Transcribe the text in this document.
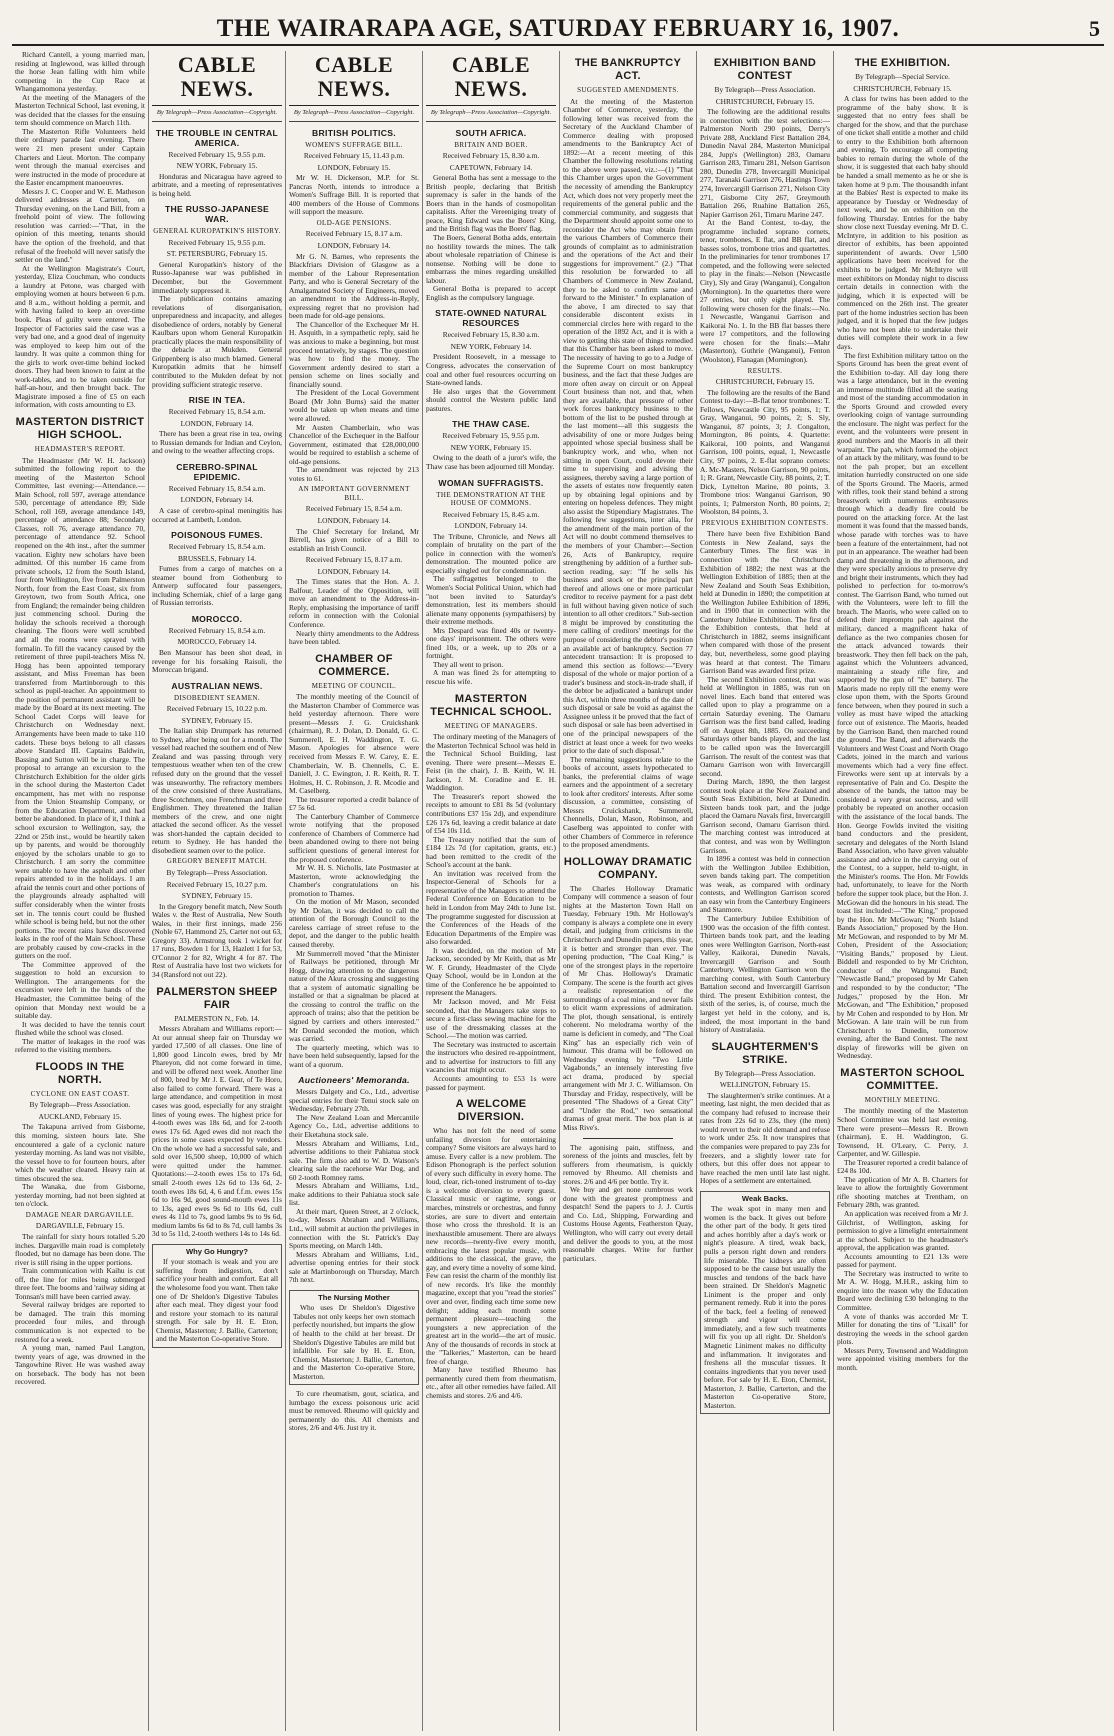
THE WAIRARAPA AGE, SATURDAY FEBRUARY 16, 1907.	5

Richard Cantell, a young married man, residing at Inglewood, was killed through the horse Jean falling with him while competing in the Cup Race at Whangamomona yesterday.

At the meeting of the Managers of the Masterton Technical School, last evening, it was decided that the classes for the ensuing term should commence on March 11th.

The Masterton Rifle Volunteers held their ordinary parade last evening. There were 21 men present under Captain Charters and Lieut. Morton. The company went through the manual exercises and were instructed in the mode of procedure at the Easter encampment manoeuvres.

Messrs J. C. Cooper and W. E. Matheson delivered addresses at Carterton, on Thursday evening, on the Land Bill, from a freehold point of view. The following resolution was carried:—"That, in the opinion of this meeting, tenants should have the option of the freehold, and that refusal of the freehold will never satisfy the settler on the land."

At the Wellington Magistrate's Court, yesterday, Eliza Couchman, who conducts a laundry at Petone, was charged with employing women at hours between 6 p.m. and 8 a.m., without holding a permit, and with having failed to keep an over-time book. Pleas of guilty were entered. The Inspector of Factories said the case was a very bad one, and a good deal of ingenuity was employed to keep him out of the laundry. It was quite a common thing for the girls to work over-time behind locked doors. They had been known to faint at the work-tables, and to be taken outside for half-an-hour, and then brought back. The Magistrate imposed a fine of £5 on each information, with costs amounting to £3.

MASTERTON DISTRICT HIGH SCHOOL.
HEADMASTER'S REPORT.

The Headmaster (Mr W. H. Jackson) submitted the following report to the meeting of the Masterton School Committee, last evening:—Attendance.—Main School, roll 597, average attendance 530, percentage of attendance 89; Side School, roll 169, average attendance 149, percentage of attendance 88; Secondary Classes, roll 76, average attendance 70, percentage of attendance 92. School reopened on the 4th inst., after the summer vacation. Eighty new scholars have been admitted. Of this number 16 came from private schools, 12 from the South Island, four from Wellington, five from Palmerston North, four from the East Coast, six from Greytown, two from South Africa, one from England; the remainder being children just commencing school. During the holiday the schools received a thorough cleaning. The floors were well scrubbed and all the rooms were sprayed with formalin. To fill the vacancy caused by the retirement of three pupil-teachers Miss N. Hogg has been appointed temporary assistant, and Miss Freeman has been transferred from Martinborough to this school as pupil-teacher. An appointment to the position of permanent assistant will be made by the Board at its next meeting. The School Cadet Corps will leave for Christchurch on Wednesday next. Arrangements have been made to take 110 cadets. These boys belong to all classes above Standard III. Captains Baldwin, Bassing and Sutton will be in charge. The proposal to arrange an excursion to the Christchurch Exhibition for the older girls in the school during the Masterton Cadet encampment, has met with no response from the Union Steamship Company, or from the Education Department, and had better be abandoned. In place of it, I think a school excursion to Wellington, say, the 22nd or 25th inst., would be heartily taken up by parents, and would be thoroughly enjoyed by the scholars unable to go to Christchurch. I am sorry the committee were unable to have the asphalt and other repairs attended to in the holidays. I am afraid the tennis court and other portions of the playgrounds already asphalted will suffer considerably when the winter frosts set in. The tennis court could be flushed while school is being held, but not the other portions. The recent rains have discovered leaks in the roof of the Main School. These are probably caused by cow-cracks in the gutters on the roof.

The Committee approved of the suggestion to hold an excursion to Wellington. The arrangements for the excursion were left in the hands of the Headmaster, the Committee being of the opinion that Monday next would be a suitable day.

It was decided to have the tennis court flushed while the school was closed.

The matter of leakages in the roof was referred to the visiting members.

FLOODS IN THE NORTH.
CYCLONE ON EAST COAST.
By Telegraph—Press Association.
AUCKLAND, February 15.

The Takapuna arrived from Gisborne, this morning, sixteen hours late. She encountered a gale of a cyclonic nature yesterday morning. As land was not visible, the vessel hove to for fourteen hours, after which the weather cleared. Heavy rain at times obscured the sea.

The Wanaka, due from Gisborne, yesterday morning, had not been sighted at ten o'clock.

DAMAGE NEAR DARGAVILLE.
DARGAVILLE, February 15.

The rainfall for sixty hours totalled 5.20 inches. Dargaville main road is completely flooded, but no damage has been done. The river is still rising in the upper portions.

Train communication with Kaihu is cut off, the line for miles being submerged three feet. The booms and 'railway siding at Tonnsan's mill have been carried away.

Several railway bridges are reported to be damaged. The train this morning proceeded four miles, and through communication is not expected to be restored for a week.

A young man, named Paul Langton, twenty years of age, was drowned in the Tangowhine River. He was washed away on horseback. The body has not been recovered.

CABLE NEWS.
By Telegraph—Press Association—Copyright.
THE TROUBLE IN CENTRAL AMERICA.
Received February 15, 9.55 p.m.
NEW YORK, February 15.

Honduras and Nicaragua have agreed to arbitrate, and a meeting of representatives is being held.

THE RUSSO-JAPANESE WAR.
GENERAL KUROPATKIN'S HISTORY.
Received February 15, 9.55 p.m.
ST. PETERSBURG, February 15.

General Kuropatkin's history of the Russo-Japanese war was published in December, but the Government immediately suppressed it.

The publication contains amazing revelations of disorganisation, unpreparedness and incapacity, and alleges disobedience of orders, notably by General Kaulbars upon whom General Kuropatkin practically places the main responsibility of the debacle at Mukden. General Grippenberg is also much blamed. General Kuropatkin admits that he himself contributed to the Mukden defeat by not providing sufficient strategic reserve.

RISE IN TEA.
Received February 15, 8.54 a.m.
LONDON, February 14.

There has been a great rise in tea, owing to Russian demands for Indian and Ceylon, and owing to the weather affecting crops.

CEREBRO-SPINAL EPIDEMIC.
Received February 15, 8.54 a.m.
LONDON, February 14.

A case of cerebro-spinal meningitis has occurred at Lambeth, London.

POISONOUS FUMES.
Received February 15, 8.54 a.m.
BRUSSELS, February 14.

Fumes from a cargo of matches on a steamer bound from Gothenburg to Antwerp suffocated four passengers, including Scherniak, chief of a large gang of Russian terrorists.

MOROCCO.
Received February 15, 8.54 a.m.
MOROCCO, February 14.

Ben Mansour has been shot dead, in revenge for his forsaking Raisuli, the Moroccan brigand.

AUSTRALIAN NEWS.
DISOBEDIENT SEAMEN.
Received February 15, 10.22 p.m.
SYDNEY, February 15.

The Italian ship Drumpark has returned to Sydney, after being out for a month. The vessel had reached the southern end of New Zealand and was passing through very tempestuous weather when ten of the crew refused duty on the ground that the vessel was unseaworthy. The refractory members of the crew consisted of three Australians, three Scotchmen, one Frenchman and three Englishmen. They threatened the Italian members of the crew, and one night attacked the second officer. As the vessel was short-handed the captain decided to return to Sydney. He has handed the disobedient seamen over to the police.

GREGORY BENEFIT MATCH.
By Telegraph—Press Association.
Received February 15, 10.27 p.m.
SYDNEY, February 15.

In the Gregory benefit match, New South Wales v. the Rest of Australia, New South Wales, in their first innings, made 256 (Noble 67, Hammond 25, Carter not out 63, Gregory 33). Armstrong took 1 wicket for 17 runs, Bowden 1 for 13, Hazlett 1 for 53, O'Connor 2 for 82, Wright 4 for 87. The Rest of Australia have lost two wickets for 34 (Ransford not out 22).

PALMERSTON SHEEP FAIR
PALMERSTON N., Feb. 14.

Messrs Abraham and Williams report:—At our annual sheep fair on Thursday we yarded 17,500 of all classes. One line of 1,800 good Lincoln ewes, bred by Mr Phareyon, did not come forward in time, and will be offered next week. Another line of 800, bred by Mr J. E. Gear, of Te Horo, also failed to come forward. There was a large attendance, and competition in most cases was good, especially for any straight lines of young ewes. The highest price for 4-tooth ewes was 18s 6d, and for 2-tooth ewes 17s 6d. Aged ewes did not reach the prices in some cases expected by vendors. On the whole we had a successful sale, and sold over 16,500 sheep, 10,000 of which were quitted under the hammer. Quotations:—2-tooth ewes 15s to 17s 6d, small 2-tooth ewes 12s 6d to 13s 6d, 2-tooth ewes 18s 6d, 4, 6 and f.f.m. ewes 15s 6d to 16s 9d, good sound-mouth ewes 11s to 13s, aged ewes 9s 6d to 10s 6d, cull ewes 4s 11d to 7s, good lambs 9s to 9s 6d, medium lambs 6s 6d to 8s 7d, cull lambs 3s 3d to 5s 11d, 2-tooth wethers 14s to 14s 6d.

Why Go Hungry?

If your stomach is weak and you are suffering from indigestion, don't sacrifice your health and comfort. Eat all the wholesome food you want. Then take one of Dr Sheldon's Digestive Tabules after each meal. They digest your food and restore your stomach to its natural strength. For sale by H. E. Eton, Chemist, Masterton; J. Ballie, Carterton; and the Masterton Co-operative Store.

CABLE NEWS.
By Telegraph—Press Association—Copyright.
BRITISH POLITICS.
WOMEN'S SUFFRAGE BILL.
Received February 15, 11.43 p.m.
LONDON, February 15.

Mr W. H. Dickenson, M.P. for St. Pancras North, intends to introduce a Women's Suffrage Bill. It is reported that 400 members of the House of Commons will support the measure.

OLD-AGE PENSIONS.
Received February 15, 8.17 a.m.
LONDON, February 14.

Mr G. N. Barnes, who represents the Blackfriars Division of Glasgow as a member of the Labour Representation Party, and who is General Secretary of the Amalgamated Society of Engineers, moved an amendment to the Address-in-Reply, expressing regret that no provision had been made for old-age pensions.

The Chancellor of the Exchequer Mr H. H. Asquith, in a sympathetic reply, said he was anxious to make a beginning, but must proceed tentatively, by stages. The question was how to find the money. The Government ardently desired to start a pension scheme on lines socially and financially sound.

The President of the Local Government Board (Mr John Burns) said the matter would be taken up when means and time were allowed.

Mr Austen Chamberlain, who was Chancellor of the Exchequer in the Balfour Government, estimated that £28,000,000 would be required to establish a scheme of old-age pensions.

The amendment was rejected by 213 votes to 61.

AN IMPORTANT GOVERNMENT BILL.
Received February 15, 8.54 a.m.
LONDON, February 14.

The Chief Secretary for Ireland, Mr Birrell, has given notice of a Bill to establish an Irish Council.

Received February 15, 8.17 a.m.
LONDON, February 14.

The Times states that the Hon. A. J. Balfour, Leader of the Opposition, will move an amendment to the Address-in-Reply, emphasising the importance of tariff reform in connection with the Colonial Conference.

Nearly thirty amendments to the Address have been tabled.

CHAMBER OF COMMERCE.
MEETING OF COUNCIL.

The monthly meeting of the Council of the Masterton Chamber of Commerce was held yesterday afternoon. There were present—Messrs J. G. Cruickshank (chairman), R. J. Dolan, D. Donald, G. C. Summerell, E. H. Waddington, T. G. Mason. Apologies for absence were received from Messrs F. W. Carey, E. E. Chamberlain, W. B. Chennells, C. E. Daniell, J. C. Ewington, J. R. Keith, R. T. Holmes, H. C. Robinson, J. R. Mcodie and M. Caselberg.

The treasurer reported a credit balance of £7 5s 6d.

The Canterbury Chamber of Commerce wrote notifying that the proposed conference of Chambers of Commerce had been abandoned owing to there not being sufficient questions of general interest for the proposed conference.

Mr W. H. S. Nicholls, late Postmaster at Masterton, wrote acknowledging the Chamber's congratulations on his promotion to Thames.

On the motion of Mr Mason, seconded by Mr Dolan, it was decided to call the attention of the Borough Council to the careless carriage of street refuse to the depot, and the danger to the public health caused thereby.

Mr Summerrell moved "that the Minister of Railways be petitioned, through Mr Hogg, drawing attention to the dangerous nature of the Akura crossing and suggesting that a system of automatic signalling be installed or that a signalman be placed at the crossing to control the traffic on the approach of trains; also that the petition be signed by carriers and others interested." Mr Donald seconded the motion, which was carried.

The quarterly meeting, which was to have been held subsequently, lapsed for the want of a quorum.

Auctioneers' Memoranda.

Messrs Dalgety and Co., Ltd., advertise special entries for their Tenui stock sale on Wednesday, February 27th.

The New Zealand Loan and Mercantile Agency Co., Ltd., advertise additions to their Eketahuna stock sale.

Messrs Abraham and Williams, Ltd., advertise additions to their Pahiatua stock sale. The firm also add to W. D. Watson's clearing sale the racehorse War Dog, and 60 2-tooth Romney rams.

Messrs Abraham and Williams, Ltd., make additions to their Pahiatua stock sale list.

At their mart, Queen Street, at 2 o'clock, to-day, Messrs Abraham and Williams, Ltd., will submit at auction the privileges in connection with the St. Patrick's Day Sports meeting, on March 14th.

Messrs Abraham and Williams, Ltd., advertise opening entries for their stock sale at Martinborough on Thursday, March 7th next.

The Nursing Mother

Who uses Dr Sheldon's Digestive Tabules not only keeps her own stomach perfectly nourished, but imparts the glow of health to the child at her breast. Dr Sheldon's Digestive Tabules are mild but infallible. For sale by H. E. Eton, Chemist, Masterton; J. Ballie, Carterton, and the Masterton Co-operative Store, Masterton.

To cure rheumatism, gout, sciatica, and lumbago the excess poisonous uric acid must be removed. Rheumo will quickly and permanently do this. All chemists and stores, 2/6 and 4/6. Just try it.

CABLE NEWS.
By Telegraph—Press Association—Copyright.
SOUTH AFRICA.
BRITAIN AND BOER.
Received February 15, 8.30 a.m.
CAPETOWN, February 14.

General Botha has sent a message to the British people, declaring that British supremacy is safer in the hands of the Boers than in the hands of cosmopolitan capitalists. After the Vereeniging treaty of peace, King Edward was the Boers' King, and the British flag was the Boers' flag.

The Boers, General Botha adds, entertain no hostility towards the mines. The talk about wholesale repatriation of Chinese is nonsense. Nothing will be done to embarrass the mines regarding unskilled labour.

General Botha is prepared to accept English as the compulsory language.

STATE-OWNED NATURAL RESOURCES
Received February 15, 8.30 a.m.
NEW YORK, February 14.

President Roosevelt, in a message to Congress, advocates the conservation of coal and other fuel resources occurring on State-owned lands.

He also urges that the Government should control the Western public land pastures.

THE THAW CASE.
Received February 15, 9.55 p.m.
NEW YORK, February 15.

Owing to the death of a juror's wife, the Thaw case has been adjourned till Monday.

WOMAN SUFFRAGISTS.
THE DEMONSTRATION AT THE HOUSE OF COMMONS.
Received February 15, 8.45 a.m.
LONDON, February 14.

The Tribune, Chronicle, and News all complain of brutality on the part of the police in connection with the women's demonstration. The mounted police are especially singled out for condemnation.

The suffragettes belonged to the Women's Social Political Union, which had "not been invited to Saturday's demonstration, lest its members should alienate many opponents (sympathisers) by their extreme methods.

Mrs Despard was fined 40s or twenty-one days' imprisonment. The others were fined 10s, or a week, up to 20s or a fortnight.

They all went to prison.

A man was fined 2s for attempting to rescue his wife.

MASTERTON TECHNICAL SCHOOL.
MEETING OF MANAGERS.

The ordinary meeting of the Managers of the Masterton Technical School was held in the Technical School Building, last evening. There were present—Messrs E. Feist (in the chair), J. B. Keith, W. H. Jackson, J. M. Coradine and E. H. Waddington.

The Treasurer's report showed the receipts to amount to £81 8s 5d (voluntary contributions £37 15s 2d), and expenditure £26 17s 6d, leaving a credit balance at date of £54 10s 11d.

The Treasury notified that the sum of £184 12s 7d (for capitation, grants, etc.) had been remitted to the credit of the School's account at the bank.

An invitation was received from the Inspector-General of Schools for a representative of the Managers to attend the Federal Conference on Education to be held in London from May 24th to June 1st. The programme suggested for discussion at the Conferences of the Heads of the Education Departments of the Empire was also forwarded.

It was decided, on the motion of Mr Jackson, seconded by Mr Keith, that as Mr W. F. Grundy, Headmaster of the Clyde Quay School, would be in London at the time of the Conference he be appointed to represent the Managers.

Mr Jackson moved, and Mr Feist seconded, that the Managers take steps to secure a first-class sewing machine for the use of the dressmaking classes at the School.—The motion was carried.

The Secretary was instructed to ascertain the instructors who desired re-appointment, and to advertise for instructors to fill any vacancies that might occur.

Accounts amounting to £53 1s were passed for payment.

A WELCOME DIVERSION.

Who has not felt the need of some unfailing diversion for entertaining company? Some visitors are always hard to amuse. Every caller is a new problem. The Edison Phonograph is the perfect solution of every such difficulty in every home. The loud, clear, rich-toned instrument of to-day is a welcome diversion to every guest. Classical music or ragtime, songs or marches, minstrels or orchestras, and funny stories, are sure to divert and entertain those who cross the threshold. It is an inexhaustible amusement. There are always new records—twenty-five every month, embracing the latest popular music, with additions to the classical, the grave, the gay, and every time a novelty of some kind. Few can resist the charm of the monthly list of new records. It's like the monthly magazine, except that you "read the stories" over and over, finding each time some new delight; adding each month some permanent pleasure—teaching the youngsters a new appreciation of the greatest art in the world—the art of music. Any of the thousands of records in stock at the "Talkeries," Masterton, can be heard free of charge.

Many have testified Rheumo has permanently cured them from rheumatism, etc., after all other remedies have failed. All chemists and stores. 2/6 and 4/6.

THE BANKRUPTCY ACT.
SUGGESTED AMENDMENTS.

At the meeting of the Masterton Chamber of Commerce, yesterday, the following letter was received from the Secretary of the Auckland Chamber of Commerce dealing with proposed amendments to the Bankruptcy Act of 1892:—At a recent meeting of this Chamber the following resolutions relating to the above were passed, viz.:—(1) "That this Chamber urges upon the Government the necessity of amending the Bankruptcy Act, which does not very properly meet the requirements of the general public and the commercial community, and suggests that the Department should appoint some one to reconsider the Act who may obtain from the various Chambers of Commerce their grounds of complaint as to administration and the operations of the Act and their suggestions for improvement." (2.) "That this resolution be forwarded to all Chambers of Commerce in New Zealand, they to be asked to confirm same and forward to the Minister." In explanation of the above, I am directed to say that considerable discontent exists in commercial circles here with regard to the operation of the 1892 Act, and it is with a view to getting this state of things remedied that this Chamber has been asked to move. The necessity of having to go to a Judge of the Supreme Court on most bankruptcy business, and the fact that these Judges are more often away on circuit or on Appeal Court business than not, and that, when they are available, that pressure of other work forces bankruptcy business to the bottom of the list to be pushed through at the last moment—all this suggests the advisability of one or more Judges being appointed whose special business shall be bankruptcy work, and who, when not sitting in open Court, could devote their time to supervising and advising the assignees, thereby saving a large portion of the assets of estates now frequently eaten up by obtaining legal opinions and by entering on hopeless defences. They might also assist the Stipendiary Magistrates. The following few suggestions, inter alia, for the amendment of the main portion of the Act will no doubt commend themselves to the members of your Chamber:—Section 26, Acts of Bankruptcy, require strengthening by addition of a further sub-section reading, say: "If he sells his business and stock or the principal part thereof and allows one or more particular creditor to receive payment for a past debt in full without having given notice of such intention to all other creditors." Sub-section 8 might be improved by constituting the mere calling of creditors' meetings for the purpose of considering the debtor's position an available act of bankruptcy. Section 77 antecedent transaction: It is proposed to amend this section as follows:—"Every disposal of the whole or major portion of a trader's business and stock-in-trade shall, if the debtor be adjudicated a bankrupt under this Act, within three months of the date of such disposal or sale be void as against the Assignee unless it be proved that the fact of such disposal or sale has been advertised in one of the principal newspapers of the district at least once a week for two weeks prior to the date of such disposal."

The remaining suggestions relate to the books of account, assets hypothecated to banks, the preferential claims of wage earners and the appointment of a secretary to look after creditors' interests. After some discussion, a committee, consisting of Messrs Cruickshank, Summerell, Chennells, Dolan, Mason, Robinson, and Caselberg was appointed to confer with other Chambers of Commerce in reference to the proposed amendments.

HOLLOWAY DRAMATIC COMPANY.

The Charles Holloway Dramatic Company will commence a season of four nights at the Masterton Town Hall on Tuesday, February 19th. Mr Holloway's company is always a complete one in every detail, and judging from criticisms in the Christchurch and Dunedin papers, this year, it is better and stronger than ever. The opening production, "The Coal King," is one of the strongest plays in the repertoire of Mr Chas. Holloway's Dramatic Company. The scene is the fourth act gives a realistic representation of the surroundings of a coal mine, and never fails to elicit warm expressions of admiration. The plot, though sensational, is entirely coherent. No melodrama worthy of the name is deficient in comedy, and "The Coal King" has an especially rich vein of humour. This drama will be followed on Wednesday evening by "Two Little Vagabonds," an intensely interesting five act drama, produced by special arrangement with Mr J. C. Williamson. On Thursday and Friday, respectively, will be presented "The Shadows of a Great City" and "Under the Rod," two sensational dramas of great merit. The box plan is at Miss Rive's.

The agonising pain, stiffness, and soreness of the joints and muscles, felt by sufferers from rheumatism, is quickly removed by Rheumo. All chemists and stores. 2/6 and 4/6 per bottle. Try it.

We buy and get none cumbrous work done with the greatest promptness and despatch! Send the papers to J. J. Curtis and Co. Ltd., Shipping, Forwarding and Customs House Agents, Featherston Quay, Wellington, who will carry out every detail and deliver the goods to you, at the most reasonable charges. Write for further particulars.

EXHIBITION BAND CONTEST
By Telegraph—Press Association.
CHRISTCHURCH, February 15.

The following are the additional results in connection with the test selections:—Palmerston North 290 points, Derry's Private 288, Auckland First Battalion 284, Dunedin Naval 284, Masterton Municipal 284, Jupp's (Wellington) 283, Oamaru Garrison 283, Timaru 281, Nelson Garrison 280, Dunedin 278, Invercargill Municipal 277, Taranaki Garrison 276, Hastings Town 274, Invercargill Garrison 271, Nelson City 271, Gisborne City 267, Greymouth Battalion 266, Ruahine Battalion 265, Napier Garrison 261, Timaru Marine 247.

At the Band Contest, to-day, the programme included soprano cornets, tenor, trombones, E flat, and BB flat, and basses solos, trombone trios and quartettes. In the preliminaries for tenor trombones 17 competed, and the following were selected to play in the finals:—Nelson (Newcastle City), Sly and Gray (Wanganui), Congalton (Mornington). In the quartettes there were 27 entries, but only eight played. The following were chosen for the finals:—No. 1 Newcastle, Wanganui Garrison and Kaikorai No. 1. In the BB flat basses there were 17 competitors, and the following were chosen for the finals:—Mahr (Masterton), Guthrie (Wanganui), Fenton (Woolston), Flanagan (Mornington).

RESULTS.
CHRISTCHURCH, February 15.

The following are the results of the Band Contest to-day:—B-flat tenor trombones: T. Fellows, Newcastle City, 95 points, 1; T. Gray, Wanganui, 90 points, 2; S. Sly, Wanganui, 87 points, 3; J. Congalton, Mornington, 86 points, 4. Quartette: Kaikorai, 100 points, and Wanganui Garrison, 100 points, equal, 1, Newcastle City, 97 points, 2. E-flat soprano cornets: A. Mc-Masters, Nelson Garrison, 90 points, 1; R. Grant, Newcastle City, 88 points, 2; T. Dick, Lyttelton Marine, 80 points, 3. Trombone trios: Wanganui Garrison, 90 points, 1; Palmerston North, 80 points, 2; Woolston, 84 points, 3.

PREVIOUS EXHIBITION CONTESTS.

There have been five Exhibition Band Contests in New Zealand, says the Canterbury Times. The first was in connection with the Christchurch Exhibition of 1882; the next was at the Wellington Exhibition of 1885; then at the New Zealand and South Seas Exhibition, held at Dunedin in 1890; the competition at the Wellington Jubilee Exhibition of 1896, and in 1900 that in connection with the Canterbury Jubilee Exhibition. The first of the Exhibition contests, that held at Christchurch in 1882, seems insignificant when compared with those of the present day, but, nevertheless, some good playing was heard at that contest. The Timaru Garrison Band was awarded first prize.

The second Exhibition contest, that was held at Wellington in 1885, was run on novel lines. Each band that entered was called upon to play a programme on a certain Saturday evening. The Oamaru Garrison was the first band called, leading off on August 8th, 1885. On succeeding Saturdays other bands played, and the last to be called upon was the Invercargill Garrison. The result of the contest was that Oamaru Garrison won with Invercargill second.

During March, 1890, the then largest contest took place at the New Zealand and South Seas Exhibition, held at Dunedin. Sixteen bands took part, and the judge placed the Oamaru Navals first, Invercargill Garrison second, Oamaru Garrison third. The marching contest was introduced at that contest, and was won by Wellington Garrison.

In 1896 a contest was held in connection with the Wellington Jubilee Exhibition, seven bands taking part. The competition was weak, as compared with ordinary contests, and Wellington Garrison scored an easy win from the Canterbury Engineers and Stanmore.

The Canterbury Jubilee Exhibition of 1900 was the occasion of the fifth contest. Thirteen bands took part, and the leading ones were Wellington Garrison, North-east Valley, Kaikorai, Dunedin Navals, Invercargill Garrison and South Canterbury. Wellington Garrison won the marching contest, with South Canterbury Battalion second and Invercargill Garrison third. The present Exhibition contest, the sixth of the series, is, of course, much the largest yet held in the colony, and is, indeed, the most important in the band history of Australasia.

SLAUGHTERMEN'S STRIKE.
By Telegraph—Press Association.
WELLINGTON, February 15.

The slaughtermen's strike continues. At a meeting, last night, the men decided that as the company had refused to increase their rates from 22s 6d to 23s, they (the men) would revert to their old demand and refuse to work under 25s. It now transpires that the companies were prepared to pay 23s for freezers, and a slightly lower rate for others, but this offer does not appear to have reached the men until late last night. Hopes of a settlement are entertained.

Weak Backs.

The weak spot in many men and women is the back. It gives out before the other part of the body. It gets tired and aches horribly after a day's work or night's pleasure. A tired, weak back, pulls a person right down and renders life miserable. The kidneys are often supposed to be the cause but usually the muscles and tendons of the back have been strained. Dr Sheldon's Magnetic Liniment is the proper and only permanent remedy. Rub it into the pores of the back, feel a feeling of renewed strength and vigour will come immediately, and a few such treatments will fix you up all right. Dr. Sheldon's Magnetic Liniment makes no difficulty and inflammation. It invigorates and freshens all the muscular tissues. It contains ingredients that you never used before. For sale by H. E. Eton, Chemist, Masterton, J. Ballie, Carterton, and the Masterton Co-operative Store, Masterton.

THE EXHIBITION.
By Telegraph—Special Service.
CHRISTCHURCH, February 15.

A class for twins has been added to the programme of the baby show. It is suggested that no entry fees shall be charged for the show, and that the purchase of one ticket shall entitle a mother and child to entry to the Exhibition both afternoon and evening. To encourage all competing babies to remain during the whole of the show, it is suggested that each baby should be handed a small memento as he or she is taken home at 9 p.m. The thousandth infant at the Babies' Rest is expected to make its appearance by Tuesday or Wednesday of next week, and be on exhibition on the following Thursday. Entries for the baby show close next Tuesday evening. Mr D. C. McIntyre, in addition to his position as director of exhibits, has been appointed superintendent of awards. Over 1,500 applications have been received for the exhibits to be judged. Mr McIntyre will meet exhibitors on Monday night to discuss certain details in connection with the judging, which it is expected will be commenced on the 26th inst. The greater part of the home industries section has been judged, and it is hoped that the few judges who have not been able to undertake their duties will complete their work in a few days.

The first Exhibition military tattoo on the Sports Ground has been the great event of the Exhibition to-day. All day long there was a large attendance, but in the evening an immense multitude filled all the seating and most of the standing accommodation in the Sports Ground and crowded every overlooking coign of vantage surrounding the enclosure. The night was perfect for the event, and the volunteers were present in good numbers and the Maoris in all their warpaint. The pah, which formed the object of an attack by the military, was found to be not the pah proper, but an excellent imitation hurriedly constructed on one side of the Sports Ground. The Maoris, armed with rifles, took their stand behind a strong breastwork with numerous embrasures through which a deadly fire could be poured on the attacking force. At the last moment it was found that the massed bands, whose parade with torches was to have been a feature of the entertainment, had not put in an appearance. The weather had been damp and threatening in the afternoon, and they were specially anxious to preserve dry and bright their instruments, which they had polished to perfection for to-morrow's contest. The Garrison Band, who turned out with the Volunteers, were left to fill the breach. The Maoris, who were called on to defend their impromptu pah against the military, danced a magnificent haka of defiance as the two companies chosen for the attack advanced towards their breastwork. They then fell back on the pah, against which the Volunteers advanced, maintaining a steady rifle fire, and supported by the gun of "E" battery. The Maoris made no reply till the enemy were close upon them, with the Sports Ground fence between, when they poured in such a volley as must have wiped the attacking force out of existence. The Maoris, headed by the Garrison Band, then marched round the ground. The Band, and afterwards the Volunteers and West Coast and North Otago Cadets, joined in the march and various movements which had a very fine effect. Fireworks were sent up at intervals by a representative of Pain and Co. Despite the absence of the bands, the tattoo may be considered a very great success, and will probably be repeated on another occasion with the assistance of the local bands. The Hon. George Fowlds invited the visiting band conductors and the president, secretary and delegates of the North Island Band Association, who have given valuable assistance and advice in the carrying out of the Contest, to a supper, held to-night, in the Minister's rooms. The Hon. Mr Fowlds had, unfortunately, to leave for the North before the supper took place, but the Hon. J. McGowan did the honours in his stead. The toast list included:—"The King," proposed by the Hon. Mr McGowan; "North Island Bands Association," proposed by the Hon. Mr McGowan, and responded to by Mr M. Cohen, President of the Association; "Visiting Bands," proposed by Lieut. Biddell and responded to by Mr Crichton, conductor of the Wanganui Band; "Newcastle Band," proposed by Mr Cahen and responded to by the conductor; "The Judges," proposed by the Hon. Mr McGowan, and "The Exhibition," proposed by Mr Cohen and responded to by Hon. Mr McGowan. A late train will be run from Christchurch to Dunedin, tomorrow evening, after the Band Contest. The next display of fireworks will be given on Wednesday.

MASTERTON SCHOOL COMMITTEE.
MONTHLY MEETING.

The monthly meeting of the Masterton School Committee was held last evening. There were present—Messrs R. Brown (chairman), E. H. Waddington, G. Townsend, H. O'Leary, C. Perry, J. Carpenter, and W. Gillespie.

The Treasurer reported a credit balance of £24 8s 10d.

The application of Mr A. B. Charters for leave to allow the fortnightly Government rifle shooting matches at Trentham, on February 28th, was granted.

An application was received from a Mr J. Gilchrist, of Wellington, asking for permission to give a limelight entertainment at the school. Subject to the headmaster's approval, the application was granted.

Accounts amounting to £21 13s were passed for payment.

The Secretary was instructed to write to Mr A. W. Hogg, M.H.R., asking him to enquire into the reason why the Education Board were declining £30 belonging to the Committee.

A vote of thanks was accorded Mr T. Miller for donating the tins of "Lixall" for destroying the weeds in the school garden plots.

Messrs Perry, Townsend and Waddington were appointed visiting members for the month.
